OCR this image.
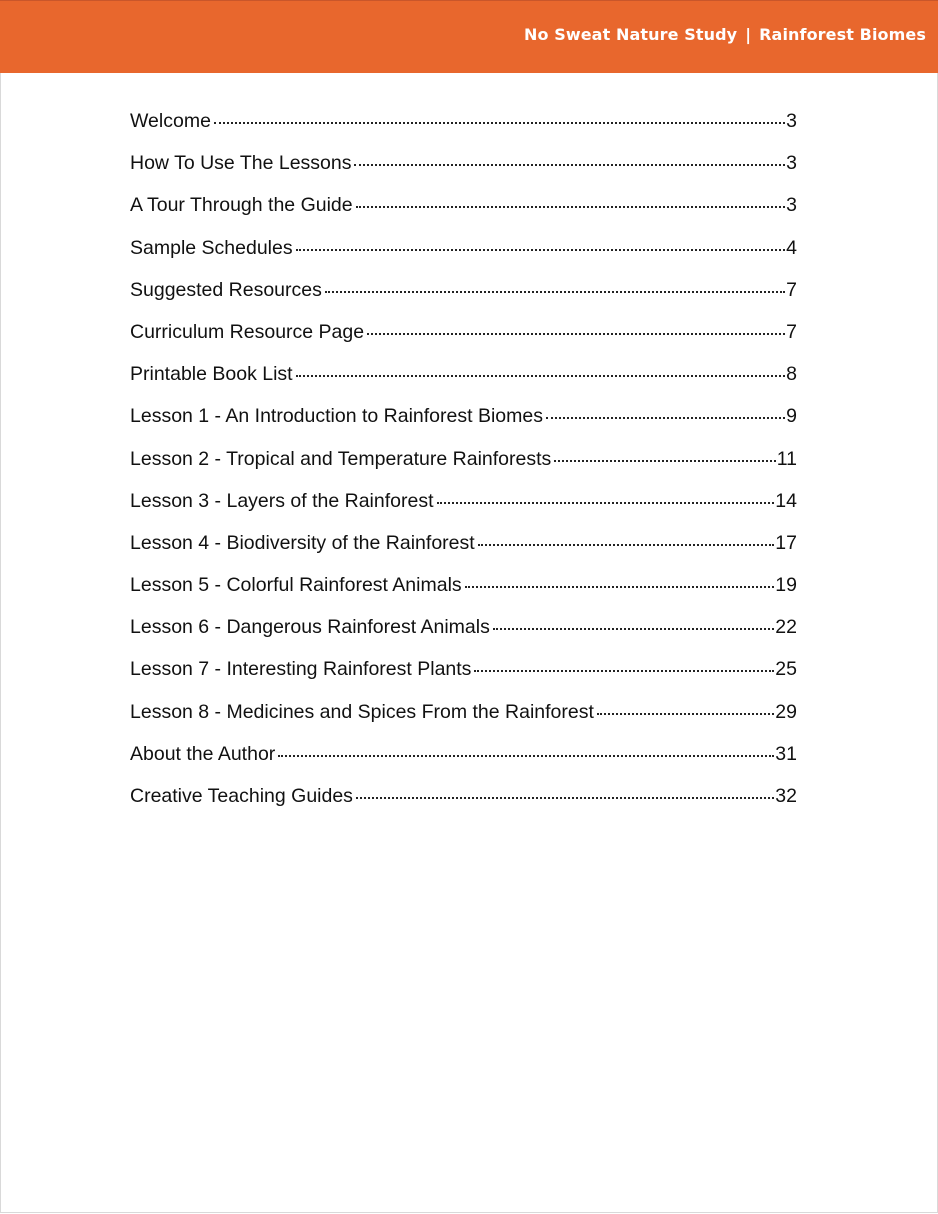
No Sweat Nature Study | Rainforest Biomes
Welcome	3
How To Use The Lessons	3
A Tour Through the Guide	3
Sample Schedules	4
Suggested Resources	7
Curriculum Resource Page	7
Printable Book List	8
Lesson 1 - An Introduction to Rainforest Biomes	9
Lesson 2 - Tropical and Temperature Rainforests	11
Lesson 3 - Layers of the Rainforest	14
Lesson 4 - Biodiversity of the Rainforest	17
Lesson 5 - Colorful Rainforest Animals	19
Lesson 6 - Dangerous Rainforest Animals	22
Lesson 7 - Interesting Rainforest Plants	25
Lesson 8 - Medicines and Spices From the Rainforest	29
About the Author	31
Creative Teaching Guides	32
